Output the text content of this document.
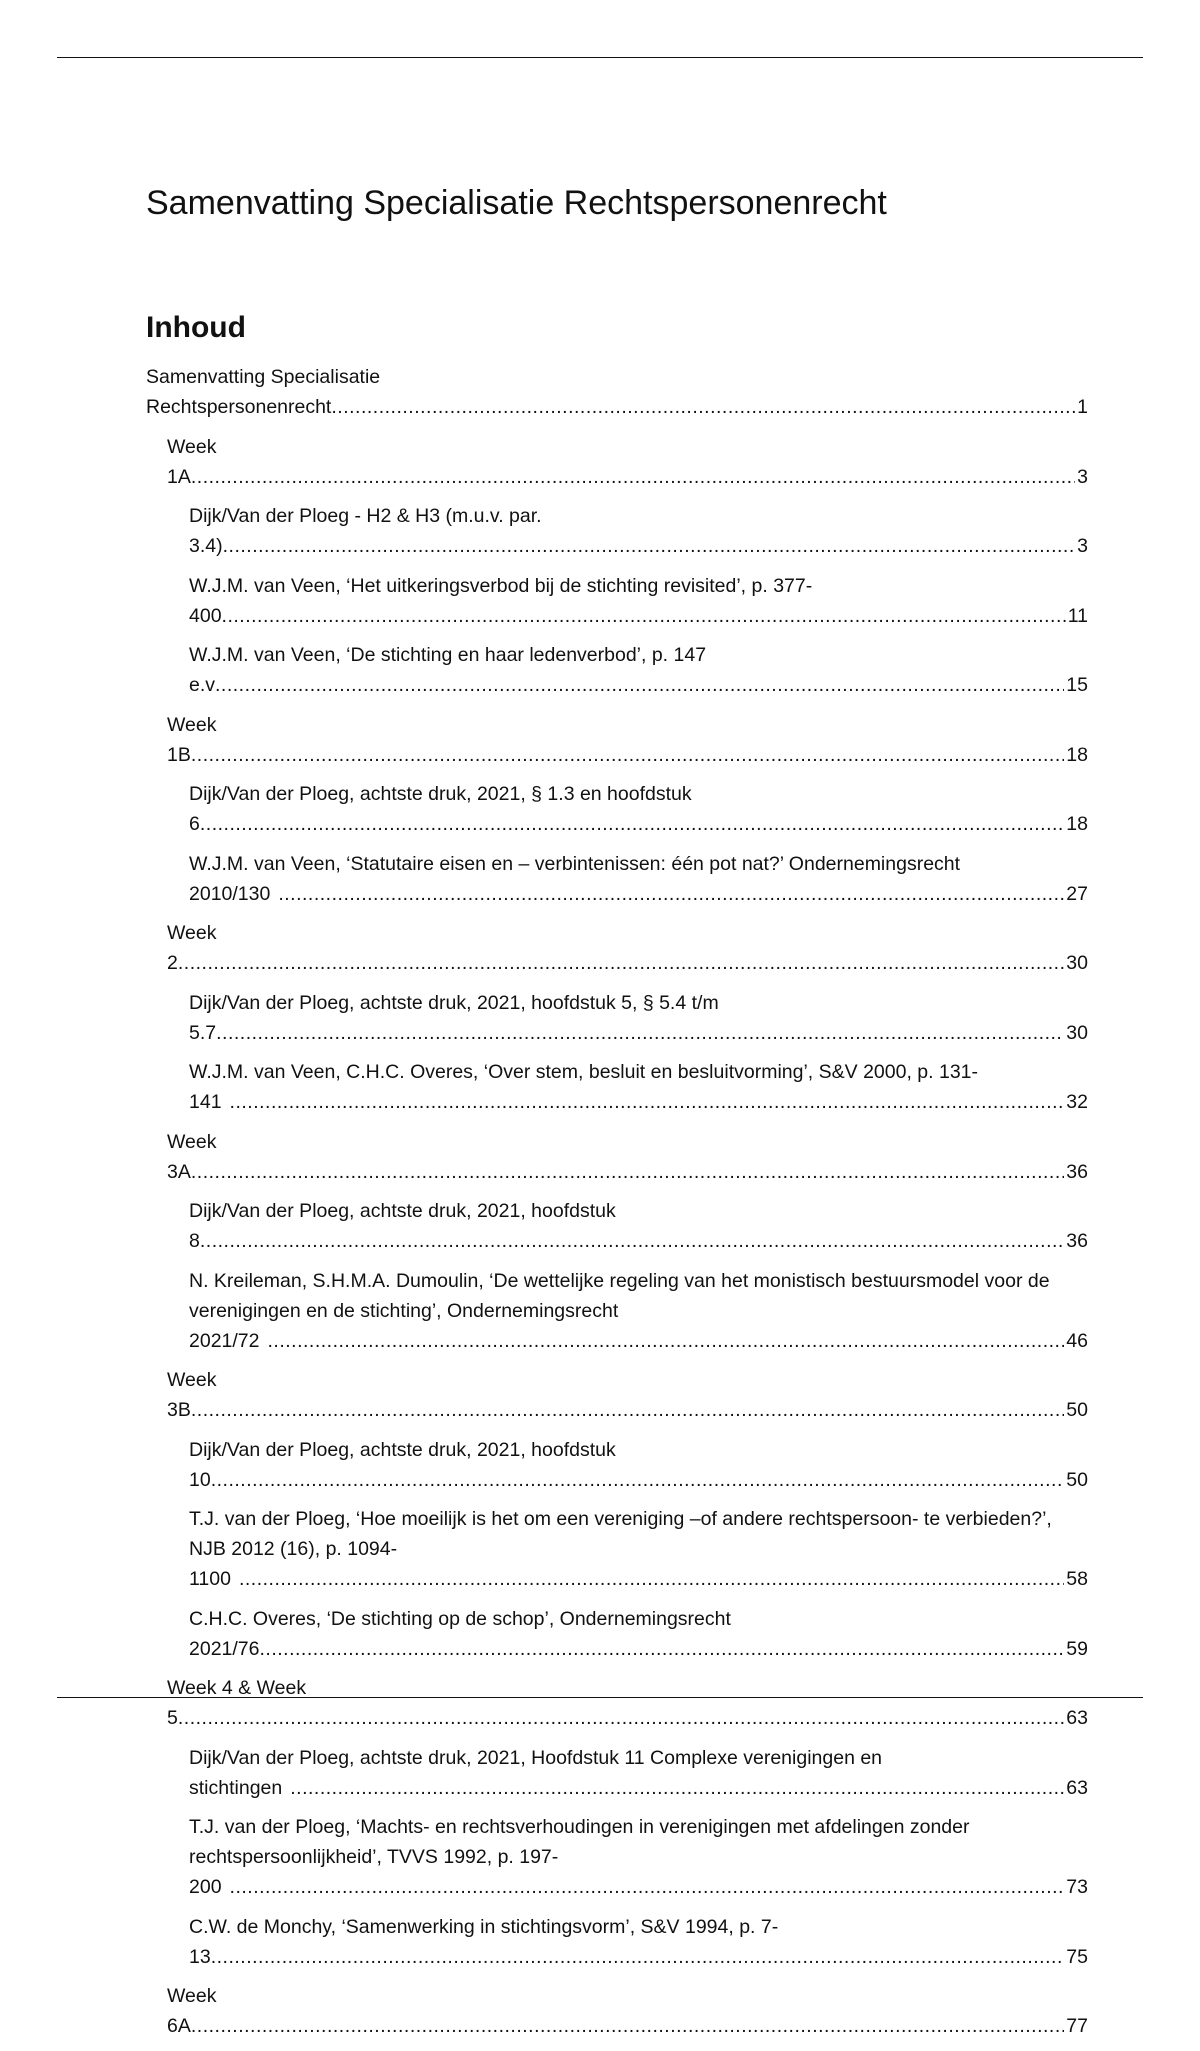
Samenvatting Specialisatie Rechtspersonenrecht
Inhoud
Samenvatting Specialisatie Rechtspersonenrecht .....	1
Week 1A .....	3
Dijk/Van der Ploeg - H2 & H3 (m.u.v. par. 3.4) .....	3
W.J.M. van Veen, ‘Het uitkeringsverbod bij de stichting revisited’, p. 377-400 .....	11
W.J.M. van Veen, ‘De stichting en haar ledenverbod’, p. 147 e.v .....	15
Week 1B .....	18
Dijk/Van der Ploeg, achtste druk, 2021, § 1.3 en hoofdstuk 6 .....	18
W.J.M. van Veen, ‘Statutaire eisen en – verbintenissen: één pot nat?’ Ondernemingsrecht 2010/130 .....	27
Week 2 .....	30
Dijk/Van der Ploeg, achtste druk, 2021, hoofdstuk 5, § 5.4 t/m 5.7 .....	30
W.J.M. van Veen, C.H.C. Overes, ‘Over stem, besluit en besluitvorming’, S&V 2000, p. 131-141 .....	32
Week 3A .....	36
Dijk/Van der Ploeg, achtste druk, 2021, hoofdstuk 8 .....	36
N. Kreileman, S.H.M.A. Dumoulin, ‘De wettelijke regeling van het monistisch bestuursmodel voor de verenigingen en de stichting’, Ondernemingsrecht 2021/72 .....	46
Week 3B .....	50
Dijk/Van der Ploeg, achtste druk, 2021, hoofdstuk 10 .....	50
T.J. van der Ploeg, ‘Hoe moeilijk is het om een vereniging –of andere rechtspersoon- te verbieden?’, NJB 2012 (16), p. 1094-1100 .....	58
C.H.C. Overes, ‘De stichting op de schop’, Ondernemingsrecht 2021/76 .....	59
Week 4 & Week 5 .....	63
Dijk/Van der Ploeg, achtste druk, 2021, Hoofdstuk 11 Complexe verenigingen en stichtingen .....	63
T.J. van der Ploeg, ‘Machts- en rechtsverhoudingen in verenigingen met afdelingen zonder rechtspersoonlijkheid’, TVVS 1992, p. 197-200 .....	73
C.W. de Monchy, ‘Samenwerking in stichtingsvorm’, S&V 1994, p. 7-13 .....	75
Week 6A .....	77
